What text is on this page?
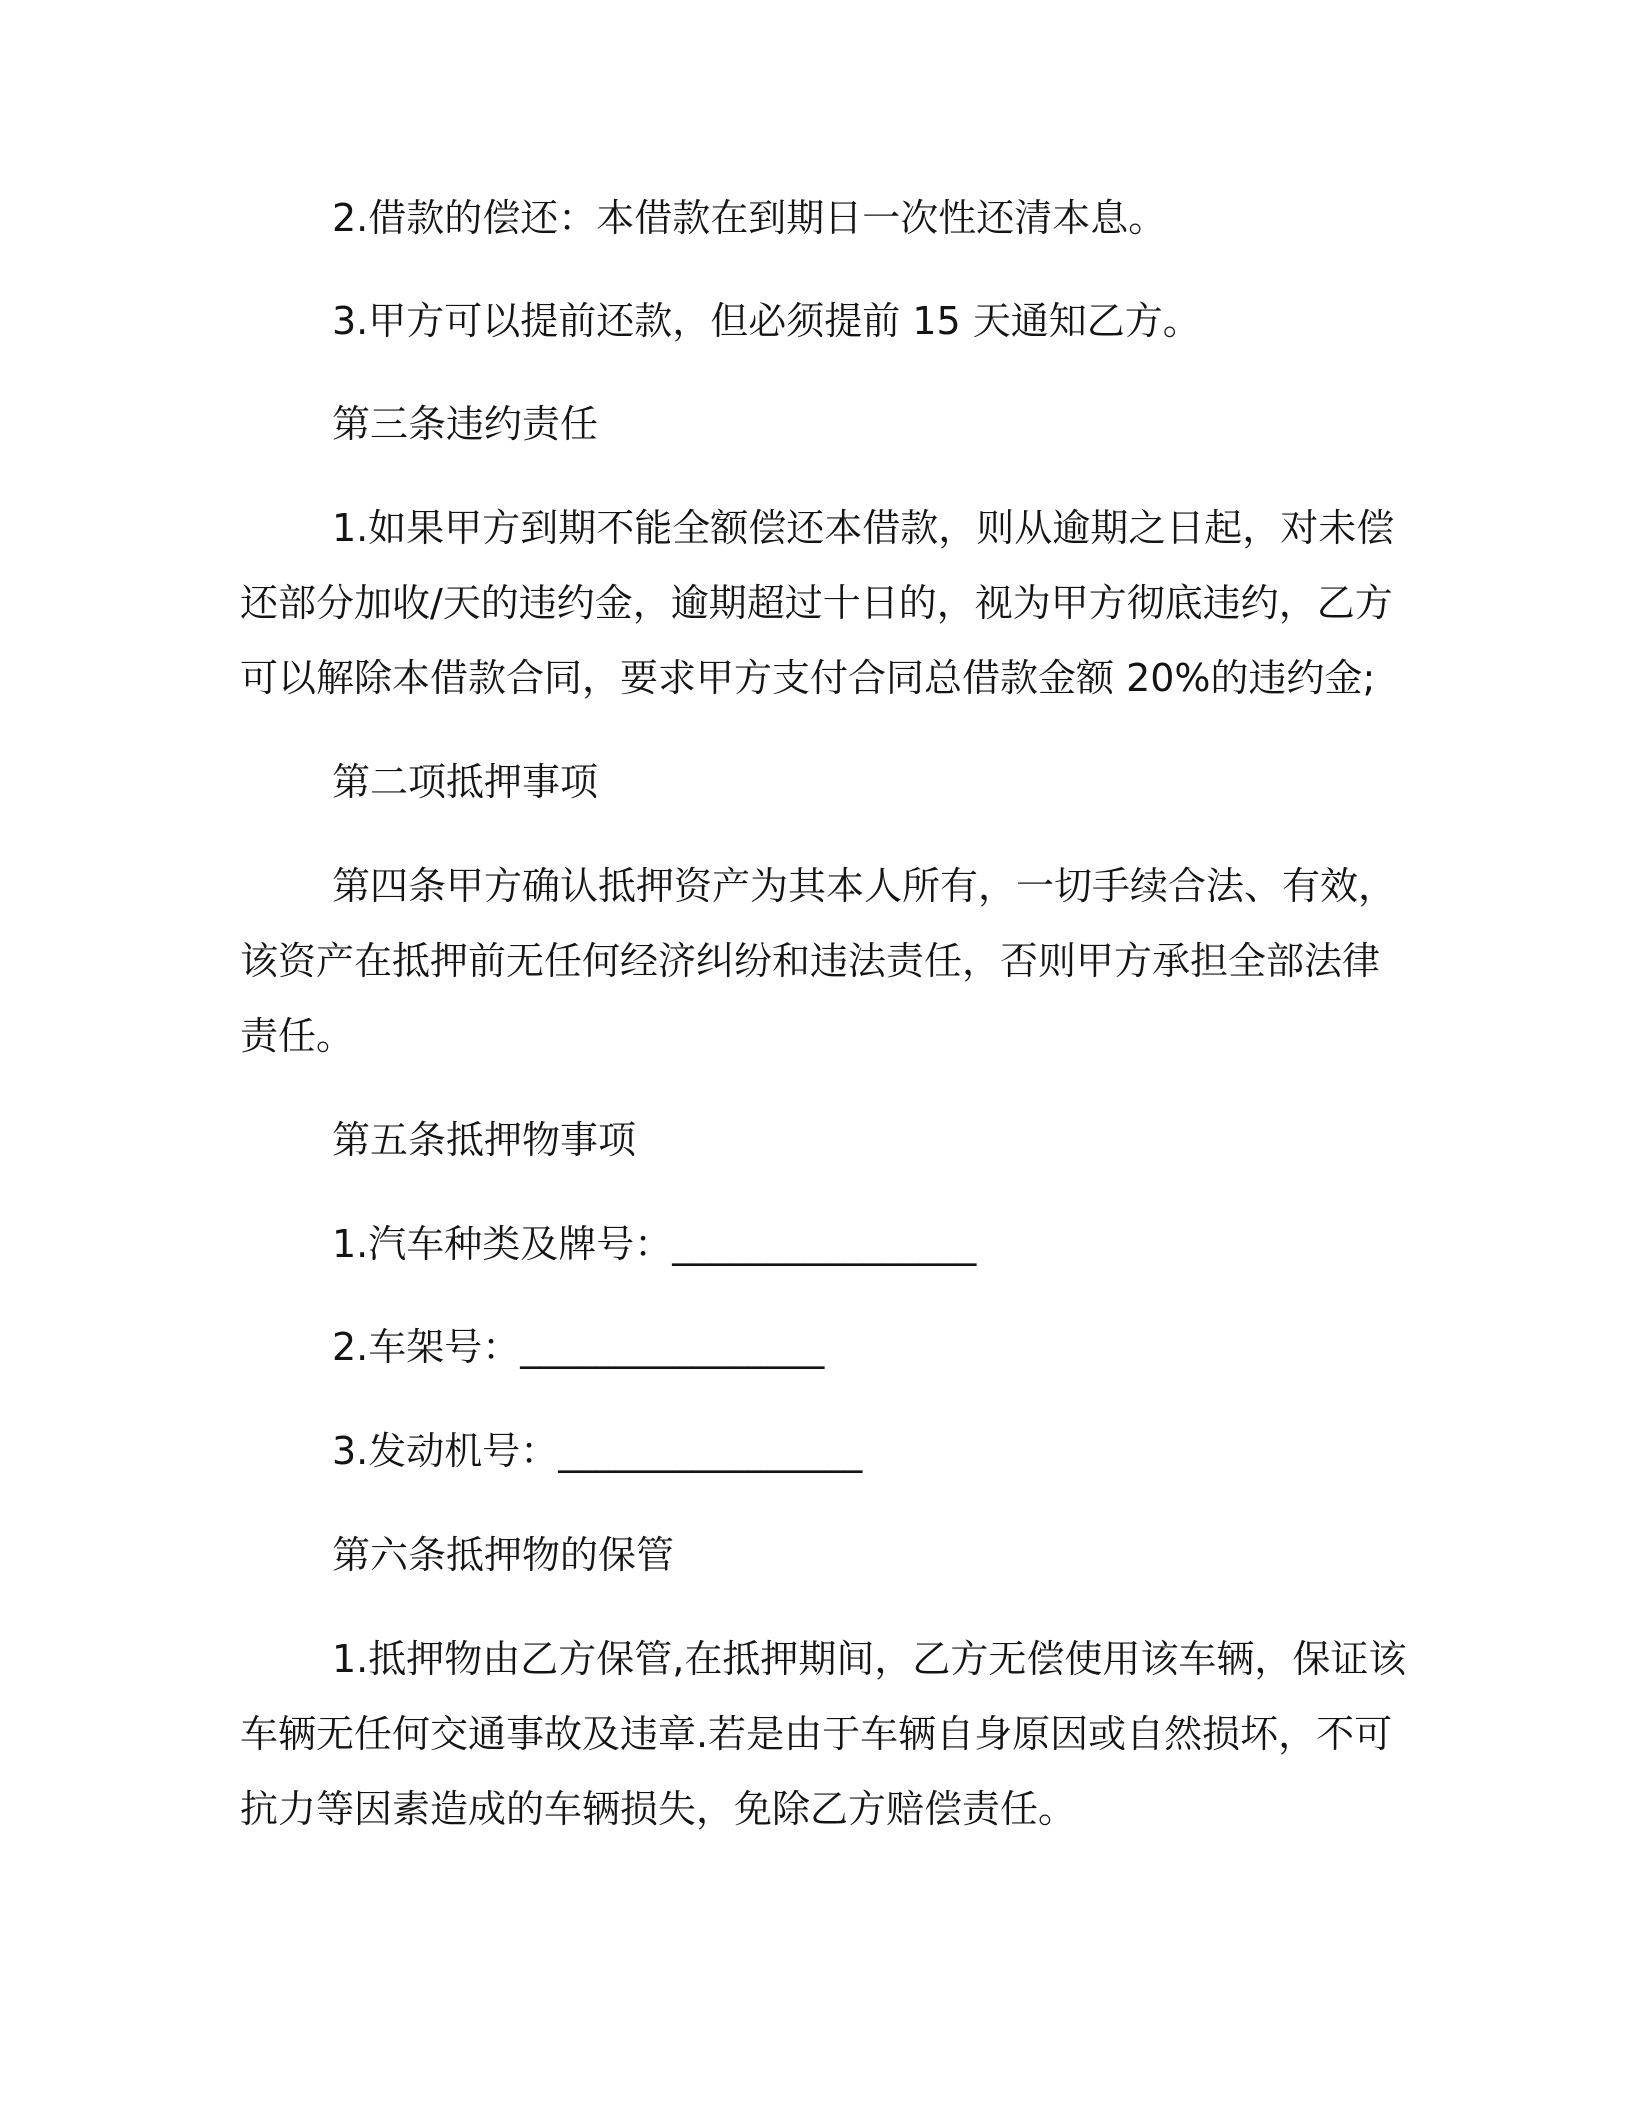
2.借款的偿还：本借款在到期日一次性还清本息。
3.甲方可以提前还款，但必须提前 15 天通知乙方。
第三条违约责任
1.如果甲方到期不能全额偿还本借款，则从逾期之日起，对未偿
还部分加收/天的违约金，逾期超过十日的，视为甲方彻底违约，乙方
可以解除本借款合同，要求甲方支付合同总借款金额 20%的违约金;
第二项抵押事项
第四条甲方确认抵押资产为其本人所有，一切手续合法、有效，
该资产在抵押前无任何经济纠纷和违法责任，否则甲方承担全部法律
责任。
第五条抵押物事项
1.汽车种类及牌号：________________
2.车架号：________________
3.发动机号：________________
第六条抵押物的保管
1.抵押物由乙方保管,在抵押期间，乙方无偿使用该车辆，保证该
车辆无任何交通事故及违章.若是由于车辆自身原因或自然损坏，不可
抗力等因素造成的车辆损失，免除乙方赔偿责任。
